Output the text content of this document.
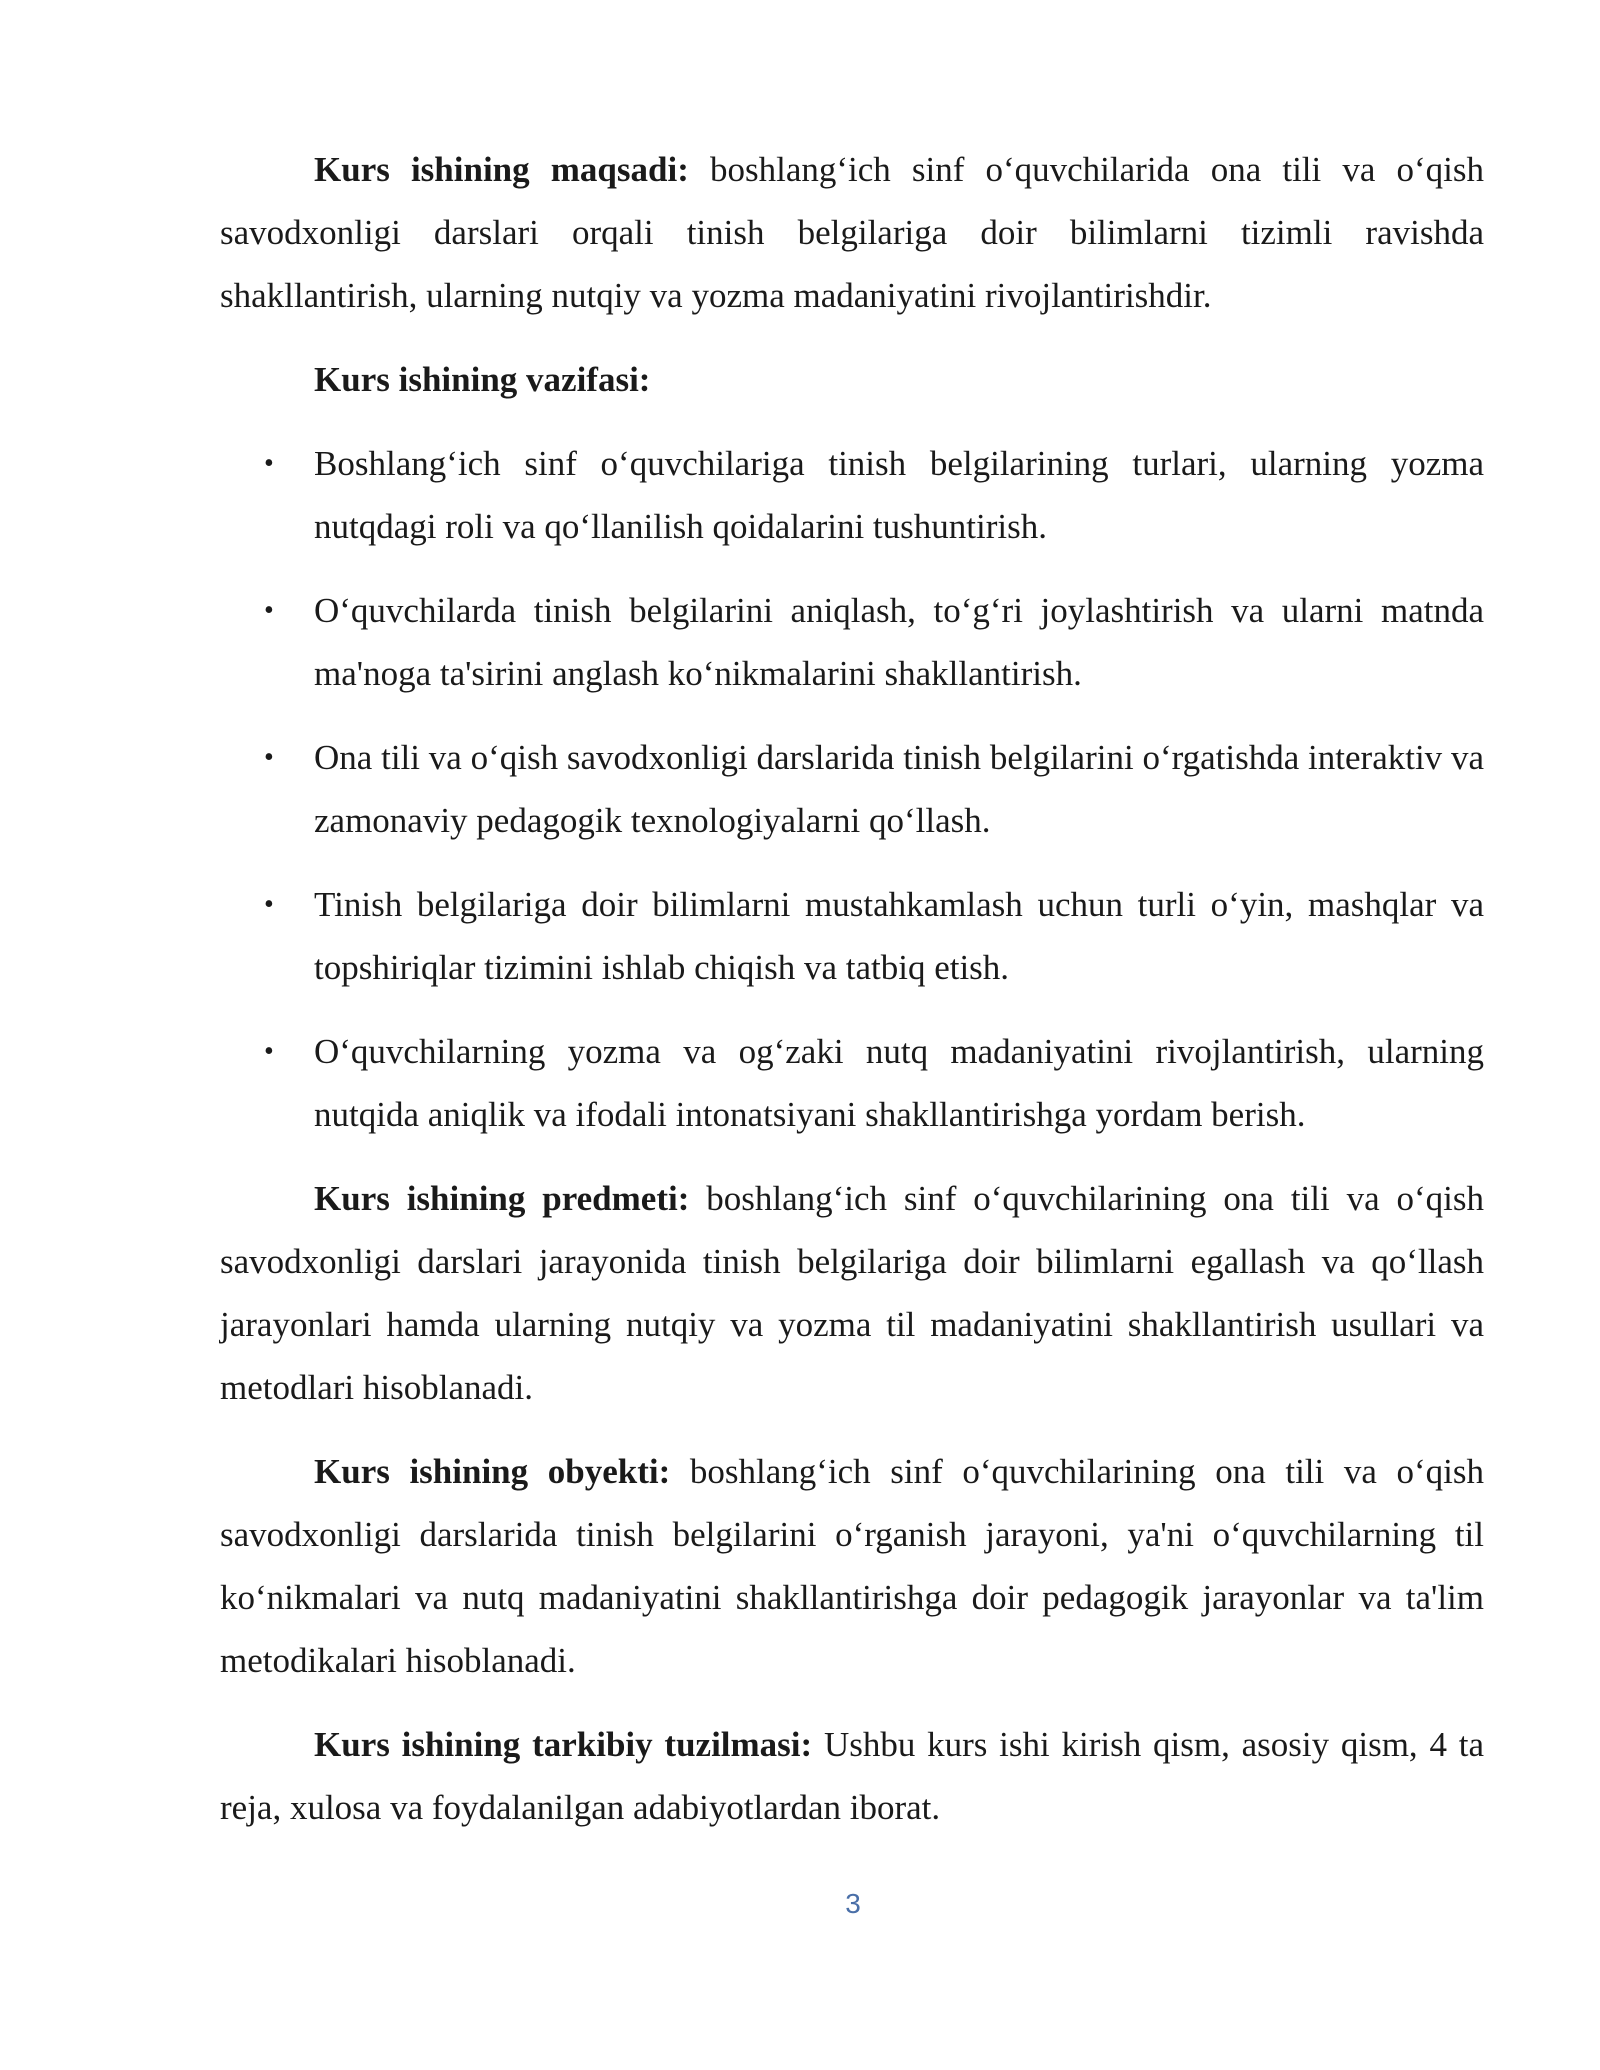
Kurs ishining maqsadi: boshlang‘ich sinf o‘quvchilarida ona tili va o‘qish savodxonligi darslari orqali tinish belgilariga doir bilimlarni tizimli ravishda shakllantirish, ularning nutqiy va yozma madaniyatini rivojlantirishdir.

Kurs ishining vazifasi:

• Boshlang‘ich sinf o‘quvchilariga tinish belgilarining turlari, ularning yozma nutqdagi roli va qo‘llanilish qoidalarini tushuntirish.
• O‘quvchilarda tinish belgilarini aniqlash, to‘g‘ri joylashtirish va ularni matnda ma'noga ta'sirini anglash ko‘nikmalarini shakllantirish.
• Ona tili va o‘qish savodxonligi darslarida tinish belgilarini o‘rgatishda interaktiv va zamonaviy pedagogik texnologiyalarni qo‘llash.
• Tinish belgilariga doir bilimlarni mustahkamlash uchun turli o‘yin, mashqlar va topshiriqlar tizimini ishlab chiqish va tatbiq etish.
• O‘quvchilarning yozma va og‘zaki nutq madaniyatini rivojlantirish, ularning nutqida aniqlik va ifodali intonatsiyani shakllantirishga yordam berish.

Kurs ishining predmeti: boshlang‘ich sinf o‘quvchilarining ona tili va o‘qish savodxonligi darslari jarayonida tinish belgilariga doir bilimlarni egallash va qo‘llash jarayonlari hamda ularning nutqiy va yozma til madaniyatini shakllantirish usullari va metodlari hisoblanadi.

Kurs ishining obyekti: boshlang‘ich sinf o‘quvchilarining ona tili va o‘qish savodxonligi darslarida tinish belgilarini o‘rganish jarayoni, ya'ni o‘quvchilarning til ko‘nikmalari va nutq madaniyatini shakllantirishga doir pedagogik jarayonlar va ta'lim metodikalari hisoblanadi.

Kurs ishining tarkibiy tuzilmasi: Ushbu kurs ishi kirish qism, asosiy qism, 4 ta reja, xulosa va foydalanilgan adabiyotlardan iborat.

3
